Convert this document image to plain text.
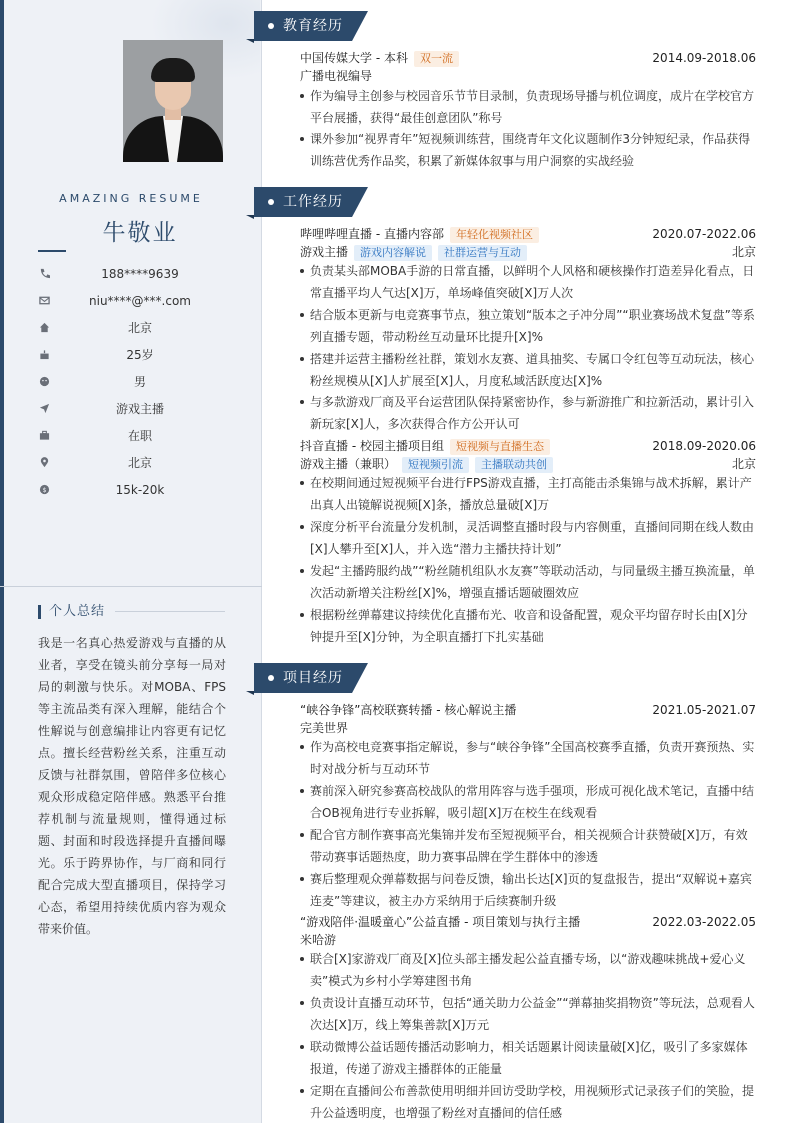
AMAZING RESUME
牛敬业
188****9639
niu****@***.com
北京
25岁
男
游戏主播
在职
北京
$	15k-20k
个人总结
我是一名真心热爱游戏与直播的从业者，享受在镜头前分享每一局对局的刺激与快乐。对MOBA、FPS等主流品类有深入理解，能结合个性解说与创意编排让内容更有记忆点。擅长经营粉丝关系，注重互动反馈与社群氛围，曾陪伴多位核心观众形成稳定陪伴感。熟悉平台推荐机制与流量规则，懂得通过标题、封面和时段选择提升直播间曝光。乐于跨界协作，与厂商和同行配合完成大型直播项目，保持学习心态，希望用持续优质内容为观众带来价值。
教育经历
中国传媒大学 - 本科 双一流	2014.09-2018.06
广播电视编导
作为编导主创参与校园音乐节节目录制，负责现场导播与机位调度，成片在学校官方平台展播，获得“最佳创意团队”称号
课外参加“视界青年”短视频训练营，围绕青年文化议题制作3分钟短纪录，作品获得训练营优秀作品奖，积累了新媒体叙事与用户洞察的实战经验
工作经历
哔哩哔哩直播 - 直播内容部 年轻化视频社区	2020.07-2022.06
游戏主播 游戏内容解说 社群运营与互动	北京
负责某头部MOBA手游的日常直播，以鲜明个人风格和硬核操作打造差异化看点，日常直播平均人气达[X]万，单场峰值突破[X]万人次
结合版本更新与电竞赛事节点，独立策划“版本之子冲分周”“职业赛场战术复盘”等系列直播专题，带动粉丝互动量环比提升[X]%
搭建并运营主播粉丝社群，策划水友赛、道具抽奖、专属口令红包等互动玩法，核心粉丝规模从[X]人扩展至[X]人，月度私域活跃度达[X]%
与多款游戏厂商及平台运营团队保持紧密协作，参与新游推广和拉新活动，累计引入新玩家[X]人，多次获得合作方公开认可
抖音直播 - 校园主播项目组 短视频与直播生态	2018.09-2020.06
游戏主播（兼职） 短视频引流 主播联动共创	北京
在校期间通过短视频平台进行FPS游戏直播，主打高能击杀集锦与战术拆解，累计产出真人出镜解说视频[X]条，播放总量破[X]万
深度分析平台流量分发机制，灵活调整直播时段与内容侧重，直播间同期在线人数由[X]人攀升至[X]人，并入选“潜力主播扶持计划”
发起“主播跨服约战”“粉丝随机组队水友赛”等联动活动，与同量级主播互换流量，单次活动新增关注粉丝[X]%，增强直播话题破圈效应
根据粉丝弹幕建议持续优化直播布光、收音和设备配置，观众平均留存时长由[X]分钟提升至[X]分钟，为全职直播打下扎实基础
项目经历
“峡谷争锋”高校联赛转播 - 核心解说主播	2021.05-2021.07
完美世界
作为高校电竞赛事指定解说，参与“峡谷争锋”全国高校赛季直播，负责开赛预热、实时对战分析与互动环节
赛前深入研究参赛高校战队的常用阵容与选手强项，形成可视化战术笔记，直播中结合OB视角进行专业拆解，吸引超[X]万在校生在线观看
配合官方制作赛事高光集锦并发布至短视频平台，相关视频合计获赞破[X]万，有效带动赛事话题热度，助力赛事品牌在学生群体中的渗透
赛后整理观众弹幕数据与问卷反馈，输出长达[X]页的复盘报告，提出“双解说+嘉宾连麦”等建议，被主办方采纳用于后续赛制升级
“游戏陪伴·温暖童心”公益直播 - 项目策划与执行主播	2022.03-2022.05
米哈游
联合[X]家游戏厂商及[X]位头部主播发起公益直播专场，以“游戏趣味挑战+爱心义卖”模式为乡村小学筹建图书角
负责设计直播互动环节，包括“通关助力公益金”“弹幕抽奖捐物资”等玩法，总观看人次达[X]万，线上筹集善款[X]万元
联动微博公益话题传播活动影响力，相关话题累计阅读量破[X]亿，吸引了多家媒体报道，传递了游戏主播群体的正能量
定期在直播间公布善款使用明细并回访受助学校，用视频形式记录孩子们的笑脸，提升公益透明度，也增强了粉丝对直播间的信任感
